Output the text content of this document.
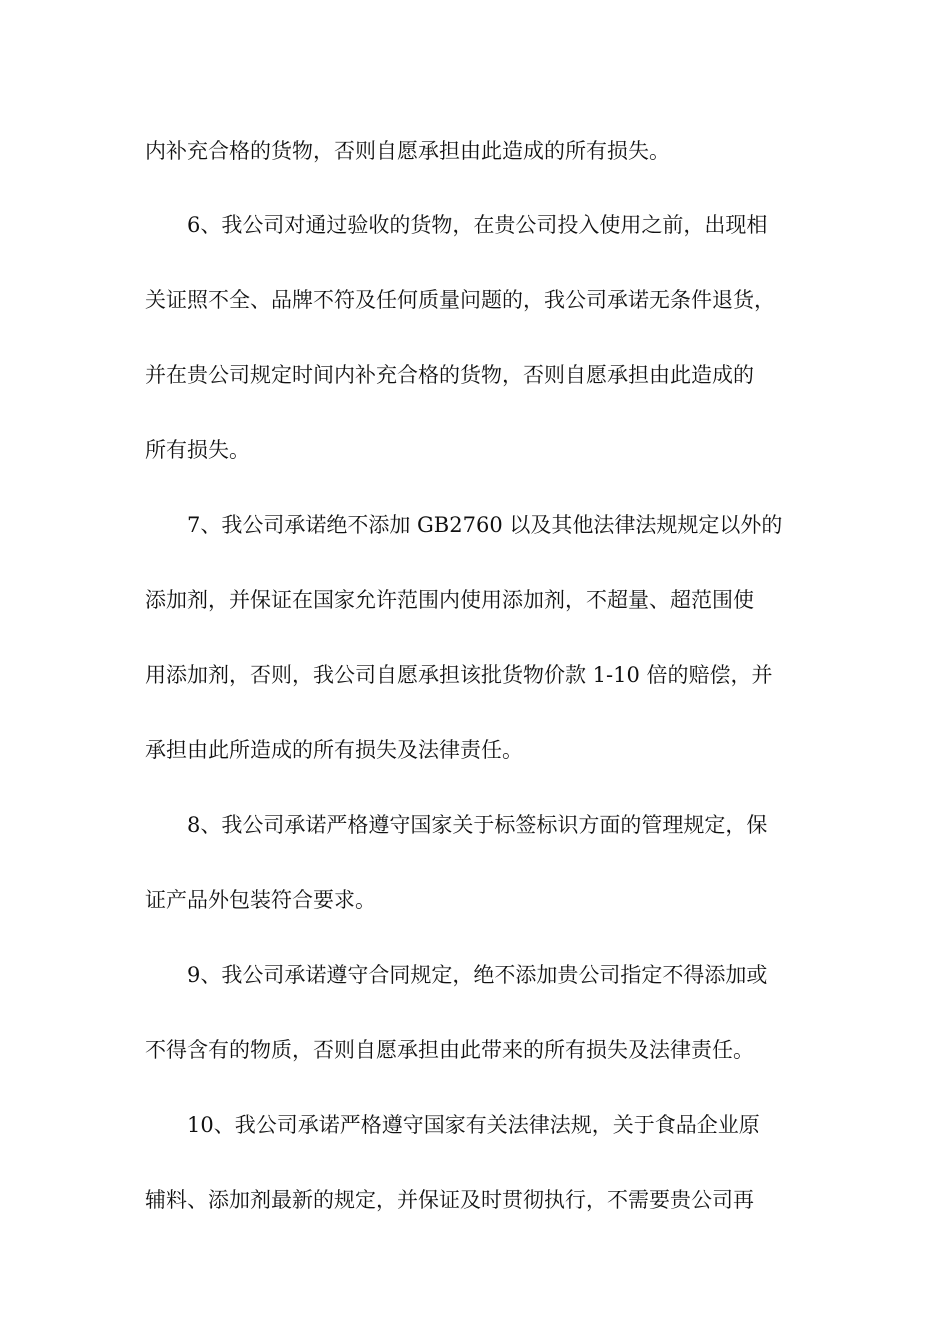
内补充合格的货物，否则自愿承担由此造成的所有损失。
6、我公司对通过验收的货物，在贵公司投入使用之前，出现相
关证照不全、品牌不符及任何质量问题的，我公司承诺无条件退货，
并在贵公司规定时间内补充合格的货物，否则自愿承担由此造成的
所有损失。
7、我公司承诺绝不添加 GB2760 以及其他法律法规规定以外的
添加剂，并保证在国家允许范围内使用添加剂，不超量、超范围使
用添加剂，否则，我公司自愿承担该批货物价款 1-10 倍的赔偿，并
承担由此所造成的所有损失及法律责任。
8、我公司承诺严格遵守国家关于标签标识方面的管理规定，保
证产品外包装符合要求。
9、我公司承诺遵守合同规定，绝不添加贵公司指定不得添加或
不得含有的物质，否则自愿承担由此带来的所有损失及法律责任。
10、我公司承诺严格遵守国家有关法律法规，关于食品企业原
辅料、添加剂最新的规定，并保证及时贯彻执行，不需要贵公司再
